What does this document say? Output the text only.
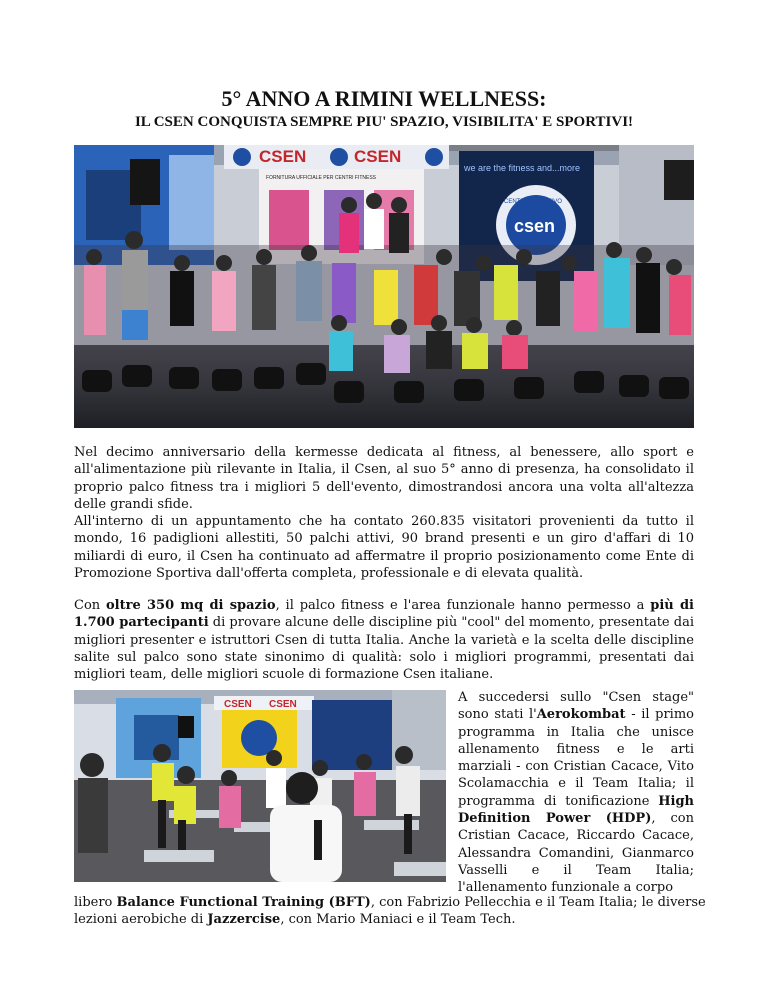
5° ANNO A RIMINI WELLNESS:
IL CSEN CONQUISTA SEMPRE PIU' SPAZIO, VISIBILITA' E SPORTIVI!
CSEN	CSEN
FORNITURA UFFICIALE PER CENTRI FITNESS
we are the fitness and...more
CENTRO SPORTIVO
csen
Nel decimo anniversario della kermesse dedicata al fitness, al benessere, allo sport e all'alimentazione più rilevante in Italia, il Csen, al suo 5° anno di presenza, ha consolidato il proprio palco fitness tra i migliori 5 dell'evento, dimostrandosi ancora una volta all'altezza delle grandi sfide.
All'interno di un appuntamento che ha contato 260.835 visitatori provenienti da tutto il mondo, 16 padiglioni allestiti, 50 palchi attivi, 90 brand presenti e un giro d'affari di 10 miliardi di euro, il Csen ha continuato ad affermatre il proprio posizionamento come Ente di Promozione Sportiva dall'offerta completa, professionale e di elevata qualità.
Con oltre 350 mq di spazio, il palco fitness e l'area funzionale hanno permesso a più di 1.700 partecipanti di provare alcune delle discipline più "cool" del momento, presentate dai migliori presenter e istruttori Csen di tutta Italia. Anche la varietà e la scelta delle discipline salite sul palco sono state sinonimo di qualità: solo i migliori programmi, presentati dai migliori team, delle migliori scuole di formazione Csen italiane.
CSEN CSEN	A succedersi sullo "Csen stage" sono stati l'Aerokombat - il primo programma in Italia che unisce allenamento fitness e le arti marziali - con Cristian Cacace, Vito Scolamacchia e il Team Italia; il programma di tonificazione High Definition Power (HDP), con Cristian Cacace, Riccardo Cacace, Alessandra Comandini, Gianmarco Vasselli e il Team Italia; l'allenamento funzionale a corpo
libero Balance Functional Training (BFT), con Fabrizio Pellecchia e il Team Italia; le diverse lezioni aerobiche di Jazzercise, con Mario Maniaci e il Team Tech.
